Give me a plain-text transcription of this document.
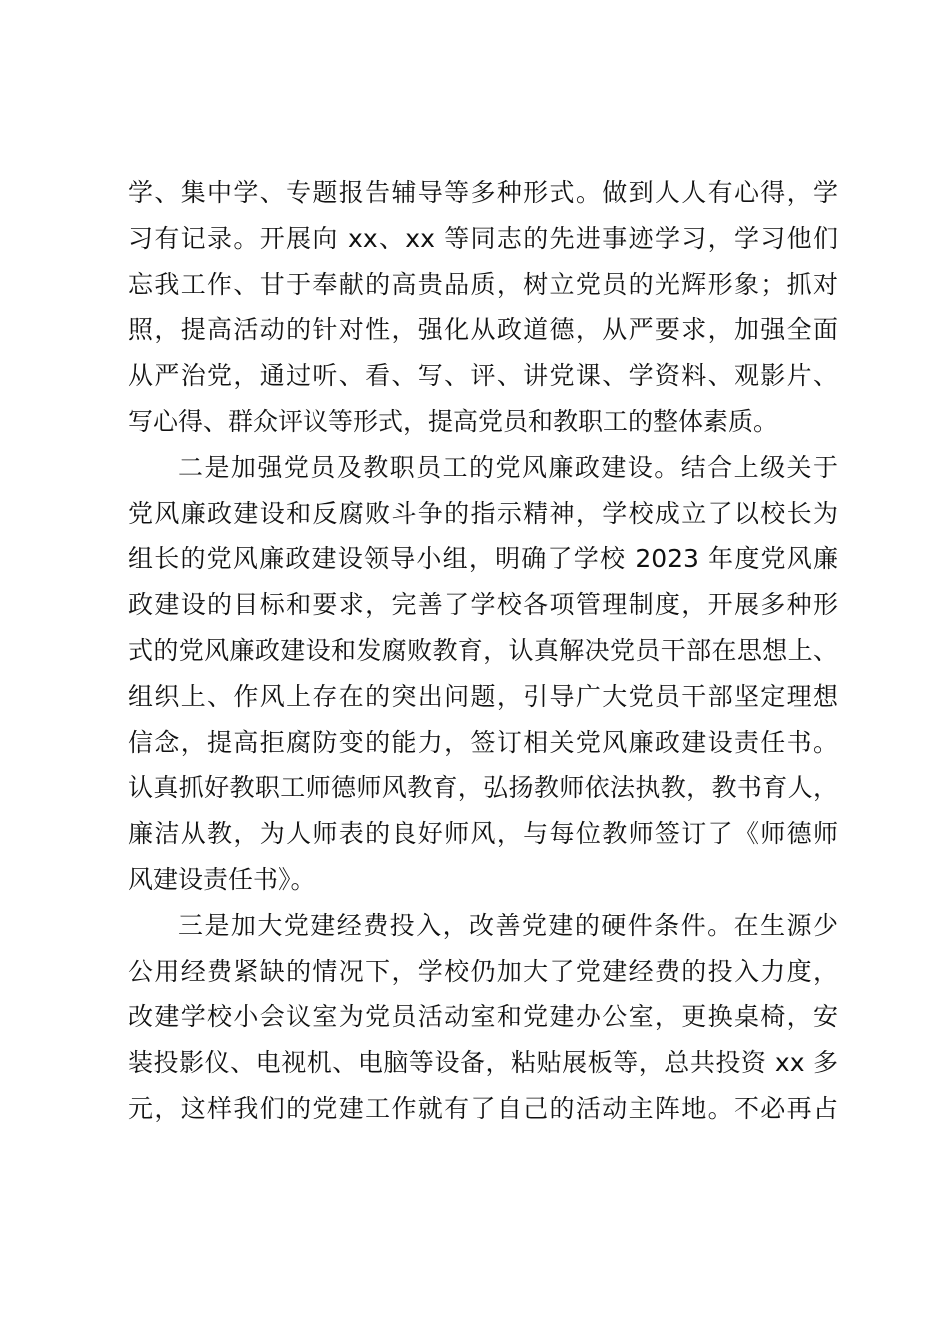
学、集中学、专题报告辅导等多种形式。做到人人有心得，学
习有记录。开展向 xx、xx 等同志的先进事迹学习，学习他们
忘我工作、甘于奉献的高贵品质，树立党员的光辉形象；抓对
照，提高活动的针对性，强化从政道德，从严要求，加强全面
从严治党，通过听、看、写、评、讲党课、学资料、观影片、
写心得、群众评议等形式，提高党员和教职工的整体素质。
二是加强党员及教职员工的党风廉政建设。结合上级关于
党风廉政建设和反腐败斗争的指示精神，学校成立了以校长为
组长的党风廉政建设领导小组，明确了学校 2023 年度党风廉
政建设的目标和要求，完善了学校各项管理制度，开展多种形
式的党风廉政建设和发腐败教育，认真解决党员干部在思想上、
组织上、作风上存在的突出问题，引导广大党员干部坚定理想
信念，提高拒腐防变的能力，签订相关党风廉政建设责任书。
认真抓好教职工师德师风教育，弘扬教师依法执教，教书育人，
廉洁从教，为人师表的良好师风，与每位教师签订了《师德师
风建设责任书》。
三是加大党建经费投入，改善党建的硬件条件。在生源少
公用经费紧缺的情况下，学校仍加大了党建经费的投入力度，
改建学校小会议室为党员活动室和党建办公室，更换桌椅，安
装投影仪、电视机、电脑等设备，粘贴展板等，总共投资 xx 多
元，这样我们的党建工作就有了自己的活动主阵地。不必再占
